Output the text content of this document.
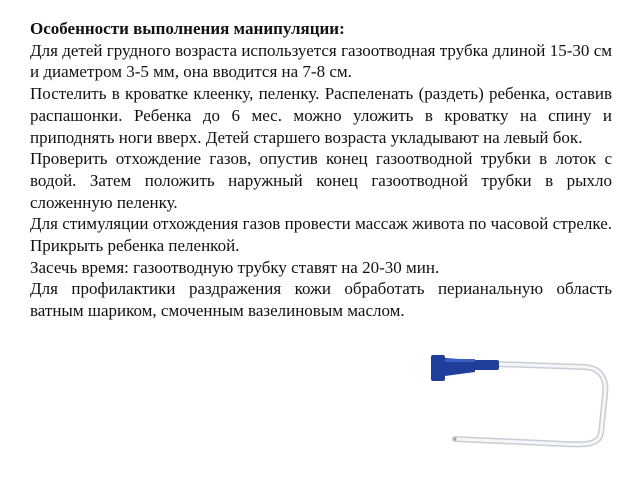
Особенности выполнения манипуляции:

Для детей грудного возраста используется газоотводная трубка длиной 15-30 см и диаметром 3-5 мм, она вводится на 7-8 см.

Постелить в кроватке клеенку, пеленку. Распеленать (раздеть) ребенка, оставив распашонки. Ребенка до 6 мес. можно уложить в кроватку на спину и приподнять ноги вверх. Детей старшего возраста укладывают на левый бок.

Проверить отхождение газов, опустив конец газоотводной трубки в лоток с водой. Затем положить наружный конец газоотводной трубки в рыхло сложенную пеленку.

Для стимуляции отхождения газов провести массаж живота по часовой стрелке. Прикрыть ребенка пеленкой.

Засечь время: газоотводную трубку ставят на 20-30 мин.

Для профилактики раздражения кожи обработать перианальную область ватным шариком, смоченным вазелиновым маслом.
